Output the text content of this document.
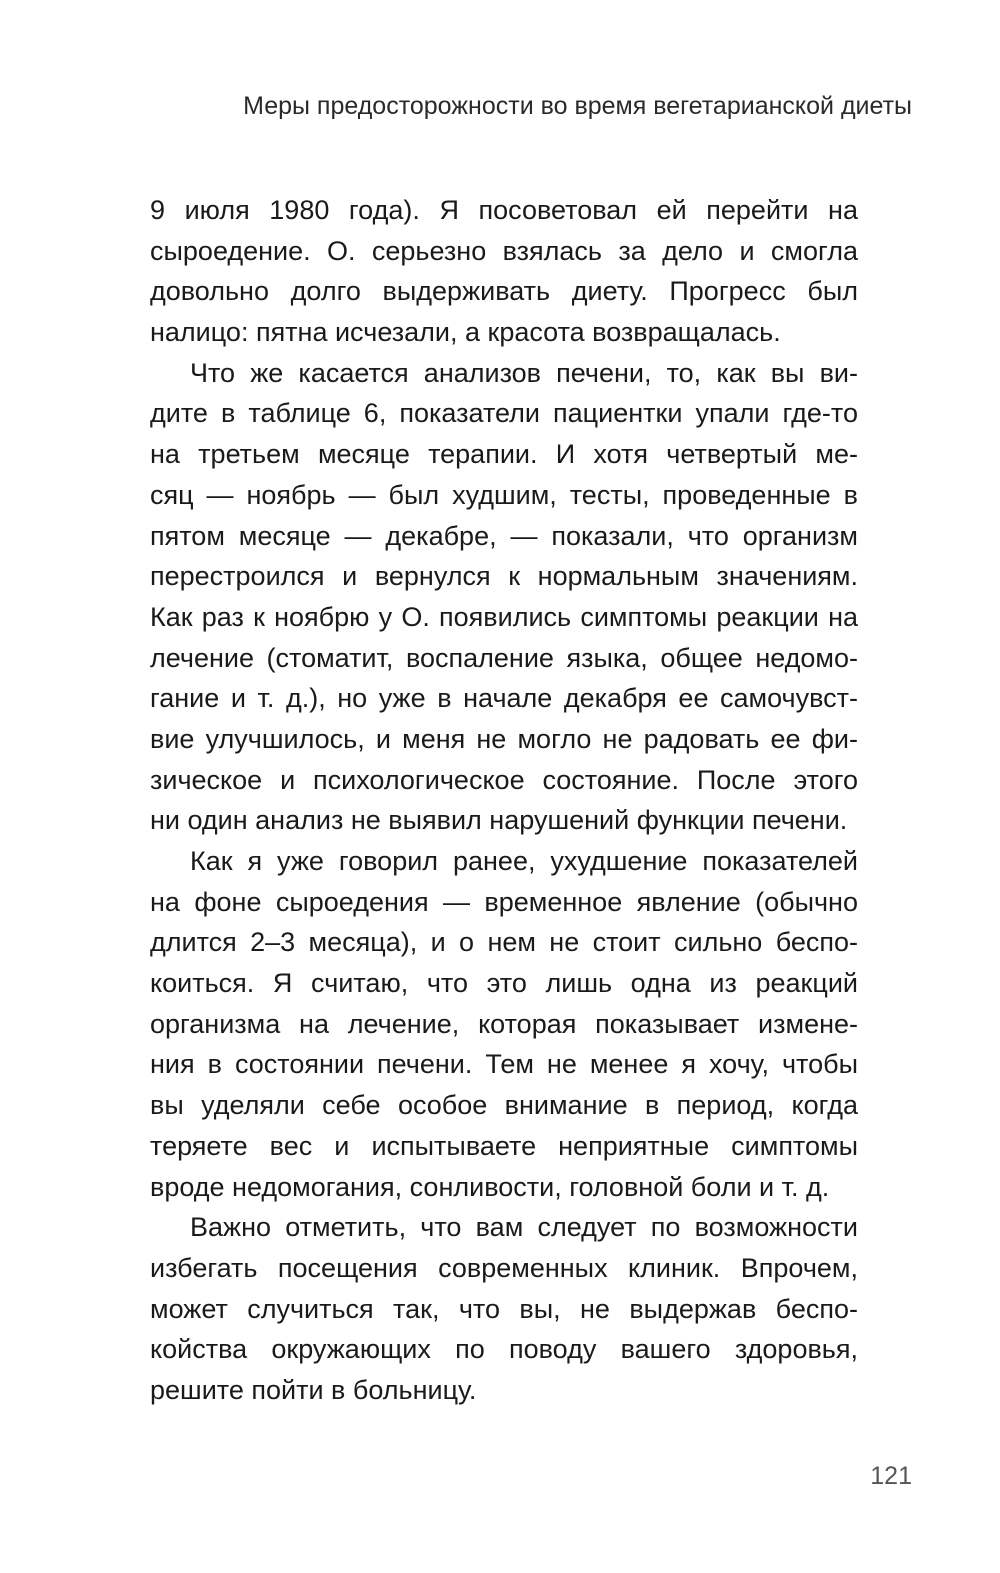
Меры предосторожности во время вегетарианской диеты
9 июля 1980 года). Я посоветовал ей перейти на
сыроедение. О. серьезно взялась за дело и смогла
довольно долго выдерживать диету. Прогресс был
налицо: пятна исчезали, а красота возвращалась.
Что же касается анализов печени, то, как вы ви-
дите в таблице 6, показатели пациентки упали где-то
на третьем месяце терапии. И хотя четвертый ме-
сяц — ноябрь — был худшим, тесты, проведенные в
пятом месяце — декабре, — показали, что организм
перестроился и вернулся к нормальным значениям.
Как раз к ноябрю у О. появились симптомы реакции на
лечение (стоматит, воспаление языка, общее недомо-
гание и т. д.), но уже в начале декабря ее самочувст-
вие улучшилось, и меня не могло не радовать ее фи-
зическое и психологическое состояние. После этого
ни один анализ не выявил нарушений функции печени.
Как я уже говорил ранее, ухудшение показателей
на фоне сыроедения — временное явление (обычно
длится 2–3 месяца), и о нем не стоит сильно беспо-
коиться. Я считаю, что это лишь одна из реакций
организма на лечение, которая показывает измене-
ния в состоянии печени. Тем не менее я хочу, чтобы
вы уделяли себе особое внимание в период, когда
теряете вес и испытываете неприятные симптомы
вроде недомогания, сонливости, головной боли и т. д.
Важно отметить, что вам следует по возможности
избегать посещения современных клиник. Впрочем,
может случиться так, что вы, не выдержав беспо-
койства окружающих по поводу вашего здоровья,
решите пойти в больницу.
121
